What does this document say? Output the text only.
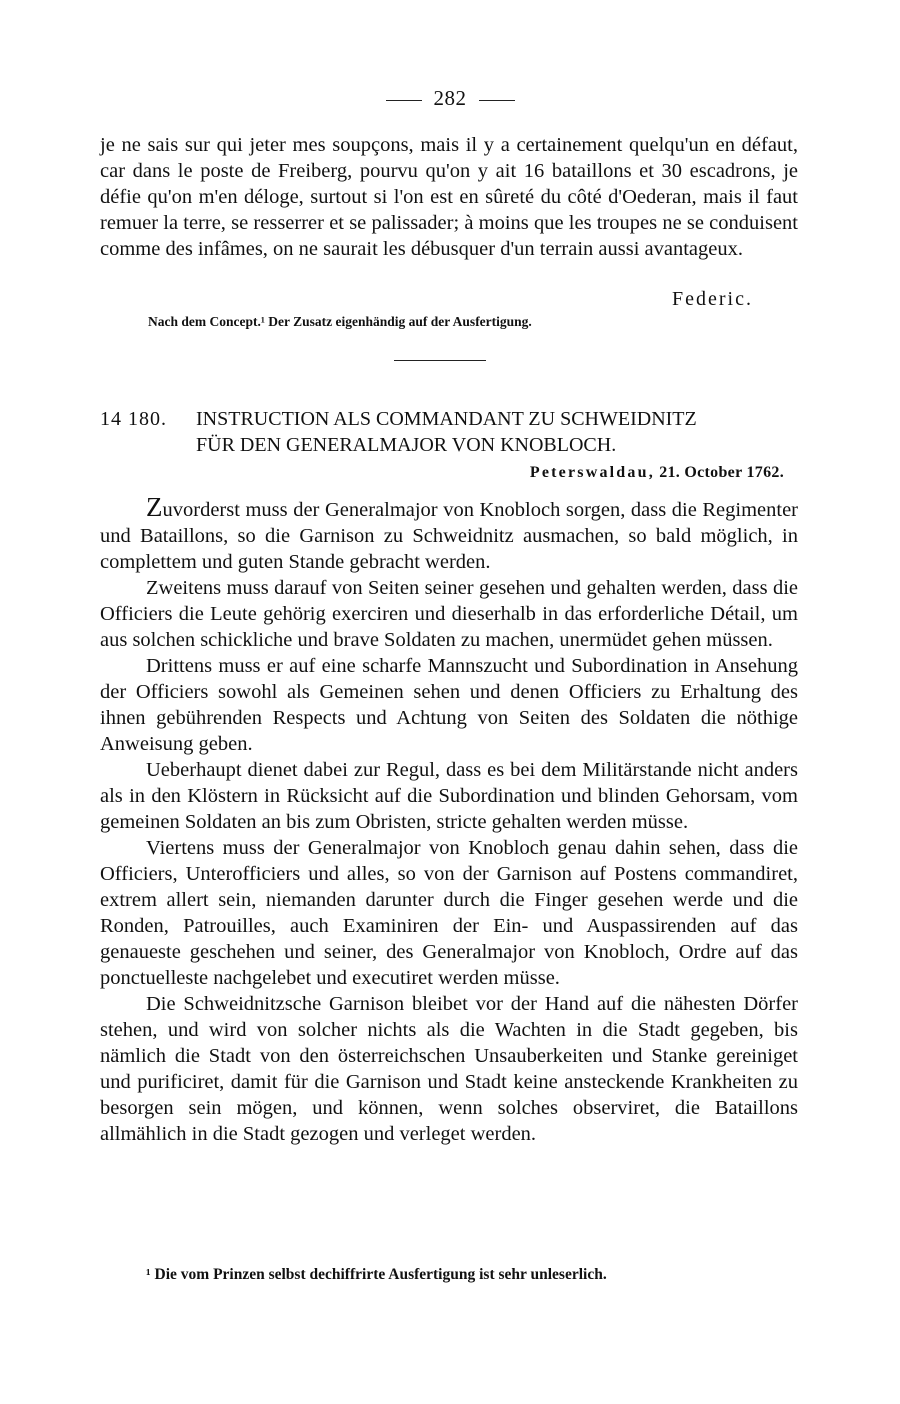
282

je ne sais sur qui jeter mes soupçons, mais il y a certainement quelqu'un en défaut, car dans le poste de Freiberg, pourvu qu'on y ait 16 bataillons et 30 escadrons, je défie qu'on m'en déloge, surtout si l'on est en sûreté du côté d'Oederan, mais il faut remuer la terre, se resserrer et se palissader; à moins que les troupes ne se conduisent comme des infâmes, on ne saurait les débusquer d'un terrain aussi avantageux.

Federic.
Nach dem Concept.¹ Der Zusatz eigenhändig auf der Ausfertigung.
14 180. INSTRUCTION ALS COMMANDANT ZU SCHWEIDNITZ
FÜR DEN GENERALMAJOR VON KNOBLOCH.
Peterswaldau, 21. October 1762.

Zuvorderst muss der Generalmajor von Knobloch sorgen, dass die Regimenter und Bataillons, so die Garnison zu Schweidnitz ausmachen, so bald möglich, in complettem und guten Stande gebracht werden.

Zweitens muss darauf von Seiten seiner gesehen und gehalten werden, dass die Officiers die Leute gehörig exerciren und dieserhalb in das erforderliche Détail, um aus solchen schickliche und brave Soldaten zu machen, unermüdet gehen müssen.

Drittens muss er auf eine scharfe Mannszucht und Subordination in Ansehung der Officiers sowohl als Gemeinen sehen und denen Officiers zu Erhaltung des ihnen gebührenden Respects und Achtung von Seiten des Soldaten die nöthige Anweisung geben.

Ueberhaupt dienet dabei zur Regul, dass es bei dem Militärstande nicht anders als in den Klöstern in Rücksicht auf die Subordination und blinden Gehorsam, vom gemeinen Soldaten an bis zum Obristen, stricte gehalten werden müsse.

Viertens muss der Generalmajor von Knobloch genau dahin sehen, dass die Officiers, Unterofficiers und alles, so von der Garnison auf Postens commandiret, extrem allert sein, niemanden darunter durch die Finger gesehen werde und die Ronden, Patrouilles, auch Examiniren der Ein- und Auspassirenden auf das genaueste geschehen und seiner, des Generalmajor von Knobloch, Ordre auf das ponctuelleste nachgelebet und executiret werden müsse.

Die Schweidnitzsche Garnison bleibet vor der Hand auf die nähesten Dörfer stehen, und wird von solcher nichts als die Wachten in die Stadt gegeben, bis nämlich die Stadt von den österreichschen Unsauberkeiten und Stanke gereiniget und purificiret, damit für die Garnison und Stadt keine ansteckende Krankheiten zu besorgen sein mögen, und können, wenn solches observiret, die Bataillons allmählich in die Stadt gezogen und verleget werden.

¹ Die vom Prinzen selbst dechiffrirte Ausfertigung ist sehr unleserlich.
